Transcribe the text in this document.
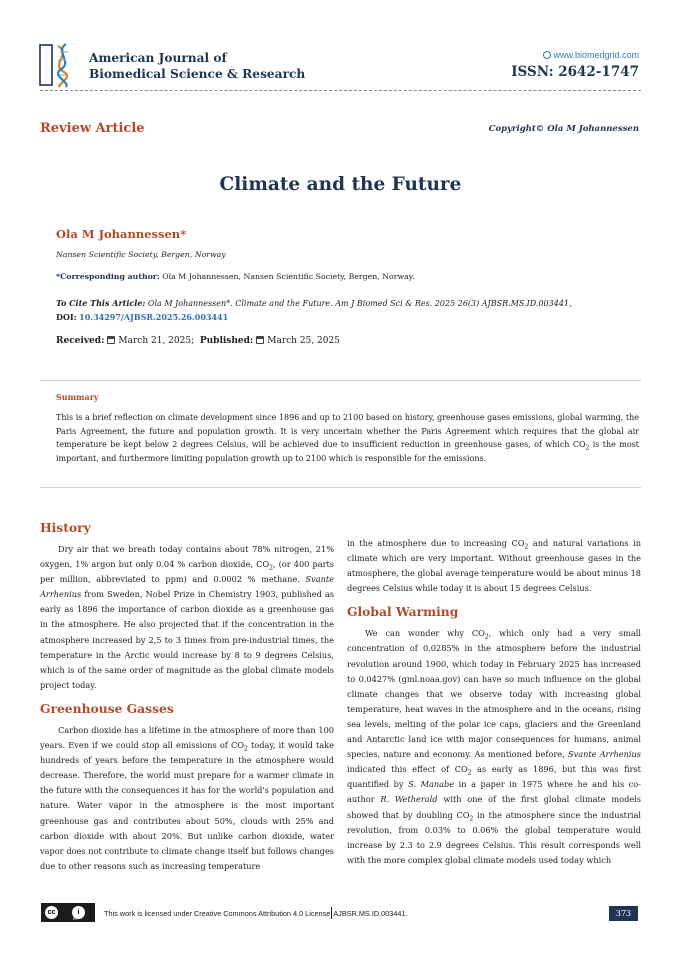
American Journal of
Biomedical Science & Research
www.biomedgrid.com
ISSN: 2642-1747
Review Article	Copyright© Ola M Johannessen
Climate and the Future
Ola M Johannessen*
Nansen Scientific Society, Bergen, Norway
*Corresponding author: Ola M Johannessen, Nansen Scientific Society, Bergen, Norway.
To Cite This Article: Ola M Johannessen*. Climate and the Future. Am J Biomed Sci & Res. 2025 26(3) AJBSR.MS.ID.003441,
DOI: 10.34297/AJBSR.2025.26.003441
Received: March 21, 2025; Published: March 25, 2025
Summary
This is a brief reflection on climate development since 1896 and up to 2100 based on history, greenhouse gases emissions, global warming, the Paris Agreement, the future and population growth. It is very uncertain whether the Paris Agreement which requires that the global air temperature be kept below 2 degrees Celsius, will be achieved due to insufficient reduction in greenhouse gases, of which $CO_2$ is the most important, and furthermore limiting population growth up to 2100 which is responsible for the emissions.
History

Dry air that we breath today contains about 78% nitrogen, 21% oxygen, 1% argon but only 0.04 % carbon dioxide, $CO_2$, (or 400 parts per million, abbreviated to ppm) and 0.0002 % methane. Svante Arrhenius from Sweden, Nobel Prize in Chemistry 1903, published as early as 1896 the importance of carbon dioxide as a greenhouse gas in the atmosphere. He also projected that if the concentration in the atmosphere increased by 2,5 to 3 times from pre-industrial times, the temperature in the Arctic would increase by 8 to 9 degrees Celsius, which is of the same order of magnitude as the global climate models project today.

Greenhouse Gasses

Carbon dioxide has a lifetime in the atmosphere of more than 100 years. Even if we could stop all emissions of $CO_2$ today, it would take hundreds of years before the temperature in the atmosphere would decrease. Therefore, the world must prepare for a warmer climate in the future with the consequences it has for the world's population and nature. Water vapor in the atmosphere is the most important greenhouse gas and contributes about 50%, clouds with 25% and carbon dioxide with about 20%. But unlike carbon dioxide, water vapor does not contribute to climate change itself but follows changes due to other reasons such as increasing temperature

in the atmosphere due to increasing $CO_2$ and natural variations in climate which are very important. Without greenhouse gases in the atmosphere, the global average temperature would be about minus 18 degrees Celsius while today it is about 15 degrees Celsius.

Global Warming

We can wonder why $CO_2$, which only had a very small concentration of 0.0285% in the atmosphere before the industrial revolution around 1900, which today in February 2025 has increased to 0.0427% (gml.noaa.gov) can have so much influence on the global climate changes that we observe today with increasing global temperature, heat waves in the atmosphere and in the oceans, rising sea levels, melting of the polar ice caps, glaciers and the Greenland and Antarctic land ice with major consequences for humans, animal species, nature and economy. As mentioned before, Svante Arrhenius indicated this effect of $CO_2$ as early as 1896, but this was first quantified by S. Manabe in a paper in 1975 where he and his co-author R. Wetherald with one of the first global climate models showed that by doubling $CO_2$ in the atmosphere since the industrial revolution, from 0.03% to 0.06% the global temperature would increase by 2.3 to 2.9 degrees Celsius. This result corresponds well with the more complex global climate models used today which

cc	i
BY
This work is licensed under Creative Commons Attribution 4.0 License AJBSR.MS.ID.003441.	373
